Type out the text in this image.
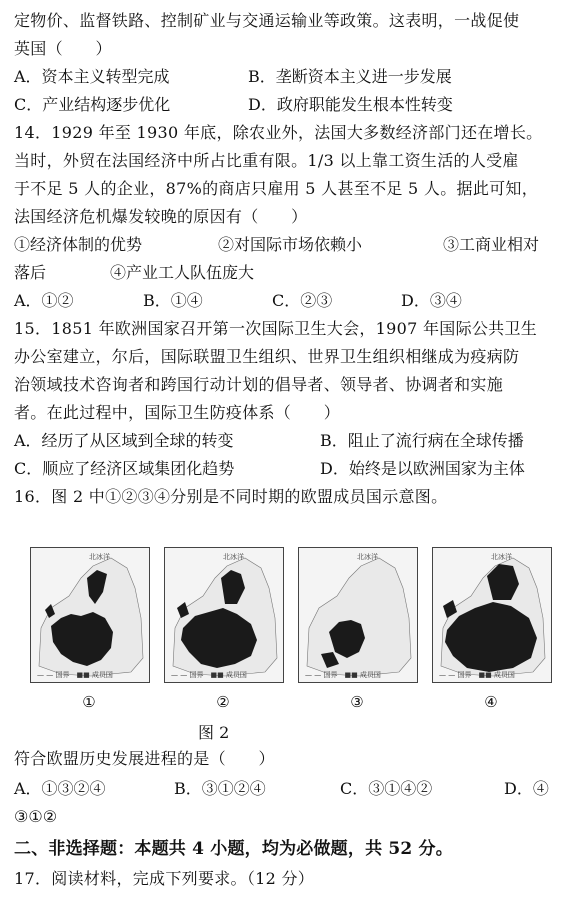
定物价、监督铁路、控制矿业与交通运输业等政策。这表明，一战促使
英国（　　）
A．资本主义转型完成	B．垄断资本主义进一步发展
C．产业结构逐步优化	D．政府职能发生根本性转变
14．1929 年至 1930 年底，除农业外，法国大多数经济部门还在增长。
当时，外贸在法国经济中所占比重有限。1/3 以上靠工资生活的人受雇
于不足 5 人的企业，87%的商店只雇用 5 人甚至不足 5 人。据此可知，
法国经济危机爆发较晚的原因有（　　）
①经济体制的优势	②对国际市场依赖小	③工商业相对
落后	④产业工人队伍庞大
A．①②	B．①④	C．②③	D．③④
15．1851 年欧洲国家召开第一次国际卫生大会，1907 年国际公共卫生
办公室建立，尔后，国际联盟卫生组织、世界卫生组织相继成为疫病防
治领域技术咨询者和跨国行动计划的倡导者、领导者、协调者和实施
者。在此过程中，国际卫生防疫体系（　　）
A．经历了从区域到全球的转变	B．阻止了流行病在全球传播
C．顺应了经济区域集团化趋势	D．始终是以欧洲国家为主体
16．图 2 中①②③④分别是不同时期的欧盟成员国示意图。
北冰洋
— — 国界　■■ 成员国
北冰洋
— — 国界　■■ 成员国
北冰洋
— — 国界　■■ 成员国
北冰洋
— — 国界　■■ 成员国
①	②	③	④
图 2
符合欧盟历史发展进程的是（　　）
A．①③②④	B．③①②④	C．③①④②	D．④
③①②
二、非选择题：本题共 4 小题，均为必做题，共 52 分。
17．阅读材料，完成下列要求。（12 分）
